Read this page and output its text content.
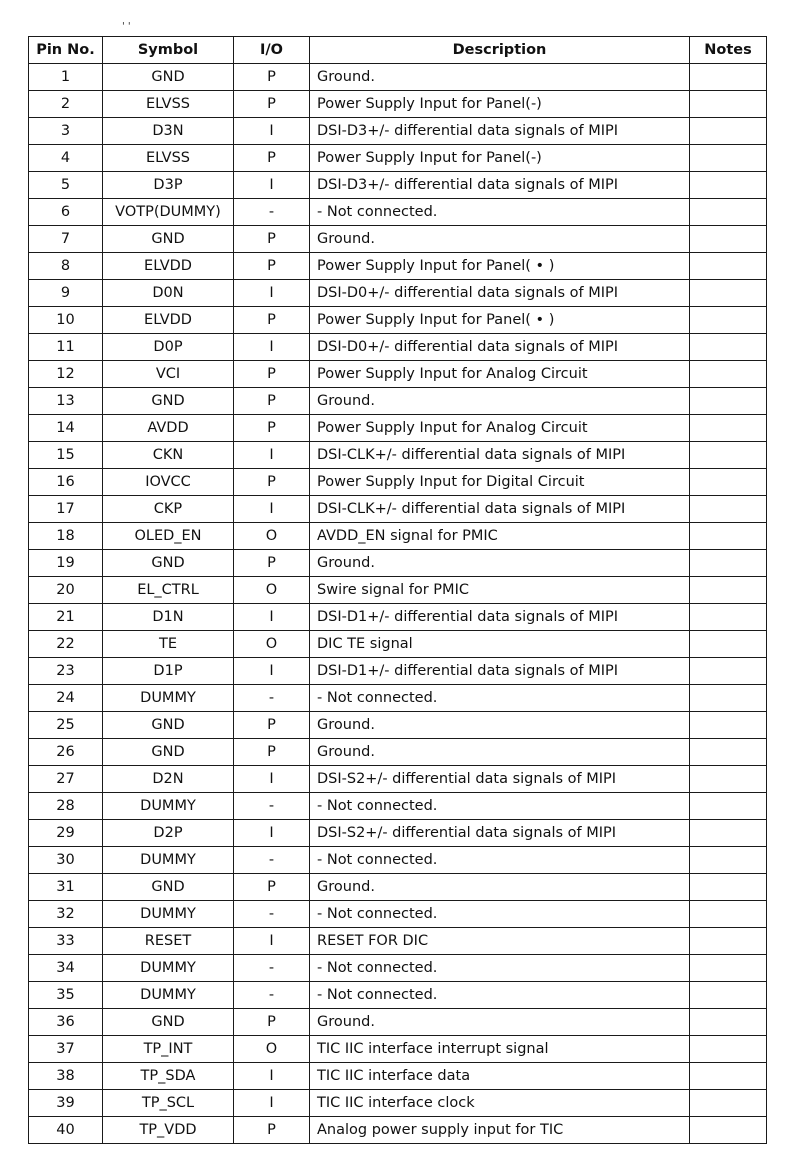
' '
Pin No.	Symbol	I/O	Description	Notes
1	GND	P	Ground.	
2	ELVSS	P	Power Supply Input for Panel(-)	
3	D3N	I	DSI-D3+/- differential data signals of MIPI	
4	ELVSS	P	Power Supply Input for Panel(-)	
5	D3P	I	DSI-D3+/- differential data signals of MIPI	
6	VOTP(DUMMY)	-	- Not connected.	
7	GND	P	Ground.	
8	ELVDD	P	Power Supply Input for Panel( • )	
9	D0N	I	DSI-D0+/- differential data signals of MIPI	
10	ELVDD	P	Power Supply Input for Panel( • )	
11	D0P	I	DSI-D0+/- differential data signals of MIPI	
12	VCI	P	Power Supply Input for Analog Circuit	
13	GND	P	Ground.	
14	AVDD	P	Power Supply Input for Analog Circuit	
15	CKN	I	DSI-CLK+/- differential data signals of MIPI	
16	IOVCC	P	Power Supply Input for Digital Circuit	
17	CKP	I	DSI-CLK+/- differential data signals of MIPI	
18	OLED_EN	O	AVDD_EN signal for PMIC	
19	GND	P	Ground.	
20	EL_CTRL	O	Swire signal for PMIC	
21	D1N	I	DSI-D1+/- differential data signals of MIPI	
22	TE	O	DIC TE signal	
23	D1P	I	DSI-D1+/- differential data signals of MIPI	
24	DUMMY	-	- Not connected.	
25	GND	P	Ground.	
26	GND	P	Ground.	
27	D2N	I	DSI-S2+/- differential data signals of MIPI	
28	DUMMY	-	- Not connected.	
29	D2P	I	DSI-S2+/- differential data signals of MIPI	
30	DUMMY	-	- Not connected.	
31	GND	P	Ground.	
32	DUMMY	-	- Not connected.	
33	RESET	I	RESET FOR DIC	
34	DUMMY	-	- Not connected.	
35	DUMMY	-	- Not connected.	
36	GND	P	Ground.	
37	TP_INT	O	TIC IIC interface interrupt signal	
38	TP_SDA	I	TIC IIC interface data	
39	TP_SCL	I	TIC IIC interface clock	
40	TP_VDD	P	Analog power supply input for TIC	
